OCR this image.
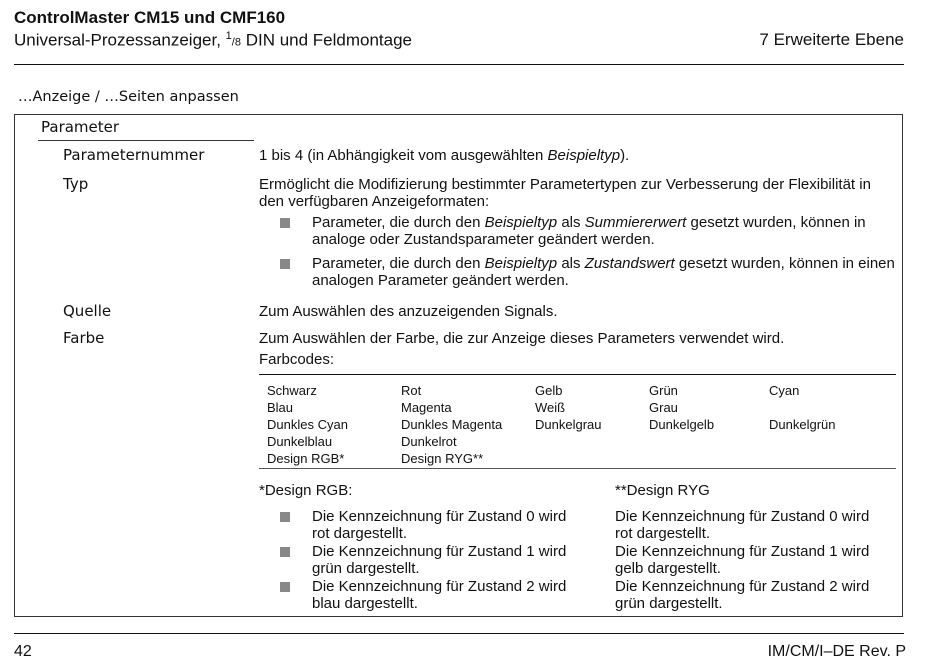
ControlMaster CM15 und CMF160
Universal-Prozessanzeiger, $^1$/8 DIN und Feldmontage	7 Erweiterte Ebene
…Anzeige / …Seiten anpassen
Parameter
Parameternummer	1 bis 4 (in Abhängigkeit vom ausgewählten Beispieltyp).
Typ	Ermöglicht die Modifizierung bestimmter Parametertypen zur Verbesserung der Flexibilität in den verfügbaren Anzeigeformaten:
Parameter, die durch den Beispieltyp als Summiererwert gesetzt wurden, können in analoge oder Zustandsparameter geändert werden.
Parameter, die durch den Beispieltyp als Zustandswert gesetzt wurden, können in einen analogen Parameter geändert werden.
Quelle	Zum Auswählen des anzuzeigenden Signals.
Farbe	Zum Auswählen der Farbe, die zur Anzeige dieses Parameters verwendet wird.
Farbcodes:
Schwarz	Rot	Gelb	Grün	Cyan
Blau	Magenta	Weiß	Grau
Dunkles Cyan	Dunkles Magenta	Dunkelgrau	Dunkelgelb	Dunkelgrün
Dunkelblau	Dunkelrot
Design RGB*	Design RYG**
*Design RGB:
Die Kennzeichnung für Zustand 0 wird rot dargestellt.
Die Kennzeichnung für Zustand 1 wird grün dargestellt.
Die Kennzeichnung für Zustand 2 wird blau dargestellt.
**Design RYG
Die Kennzeichnung für Zustand 0 wird rot dargestellt.
Die Kennzeichnung für Zustand 1 wird gelb dargestellt.
Die Kennzeichnung für Zustand 2 wird grün dargestellt.
42	IM/CM/I–DE Rev. P
